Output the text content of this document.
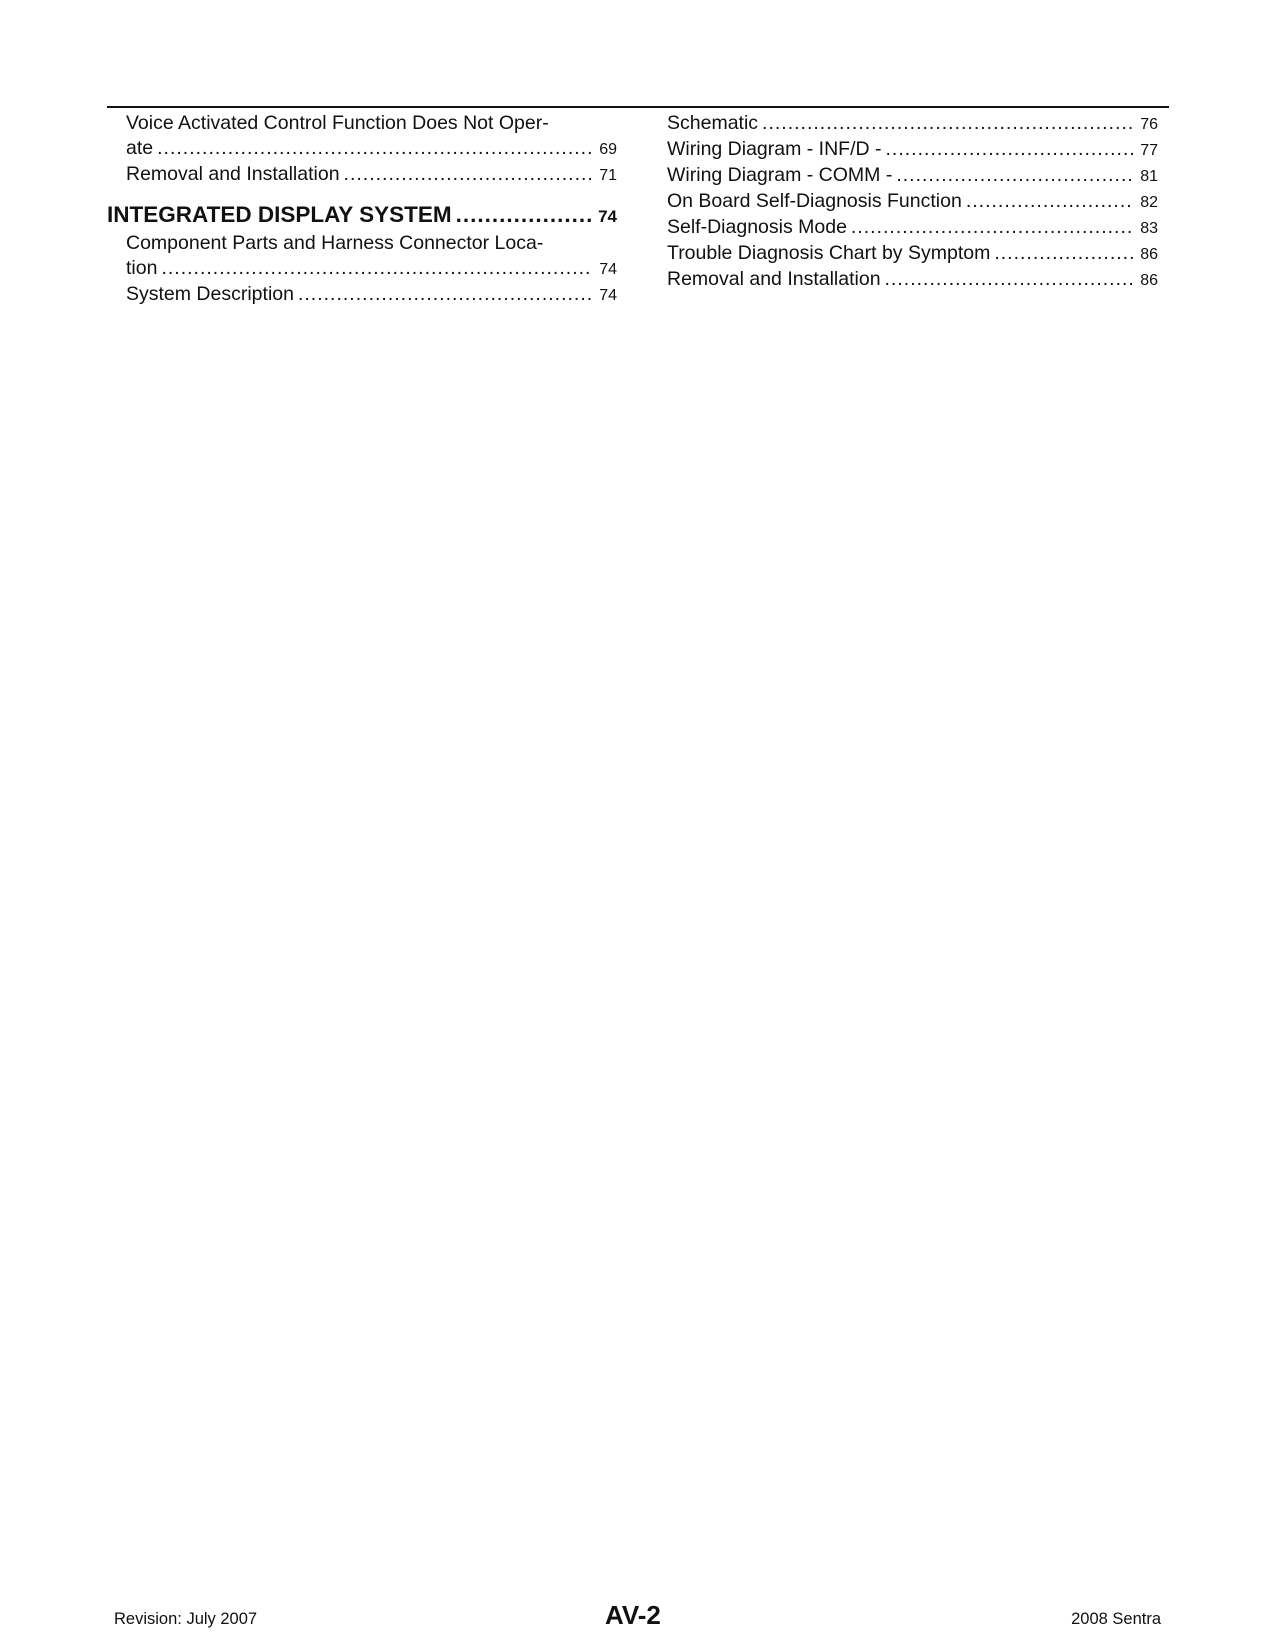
Voice Activated Control Function Does Not Oper-
ate .....	69
Removal and Installation .....	71
INTEGRATED DISPLAY SYSTEM .....	74
Component Parts and Harness Connector Loca-
tion .....	74
System Description .....	74
Schematic .....	76
Wiring Diagram - INF/D - .....	77
Wiring Diagram - COMM - .....	81
On Board Self-Diagnosis Function .....	82
Self-Diagnosis Mode .....	83
Trouble Diagnosis Chart by Symptom .....	86
Removal and Installation .....	86
Revision: July 2007	AV-2	2008 Sentra
